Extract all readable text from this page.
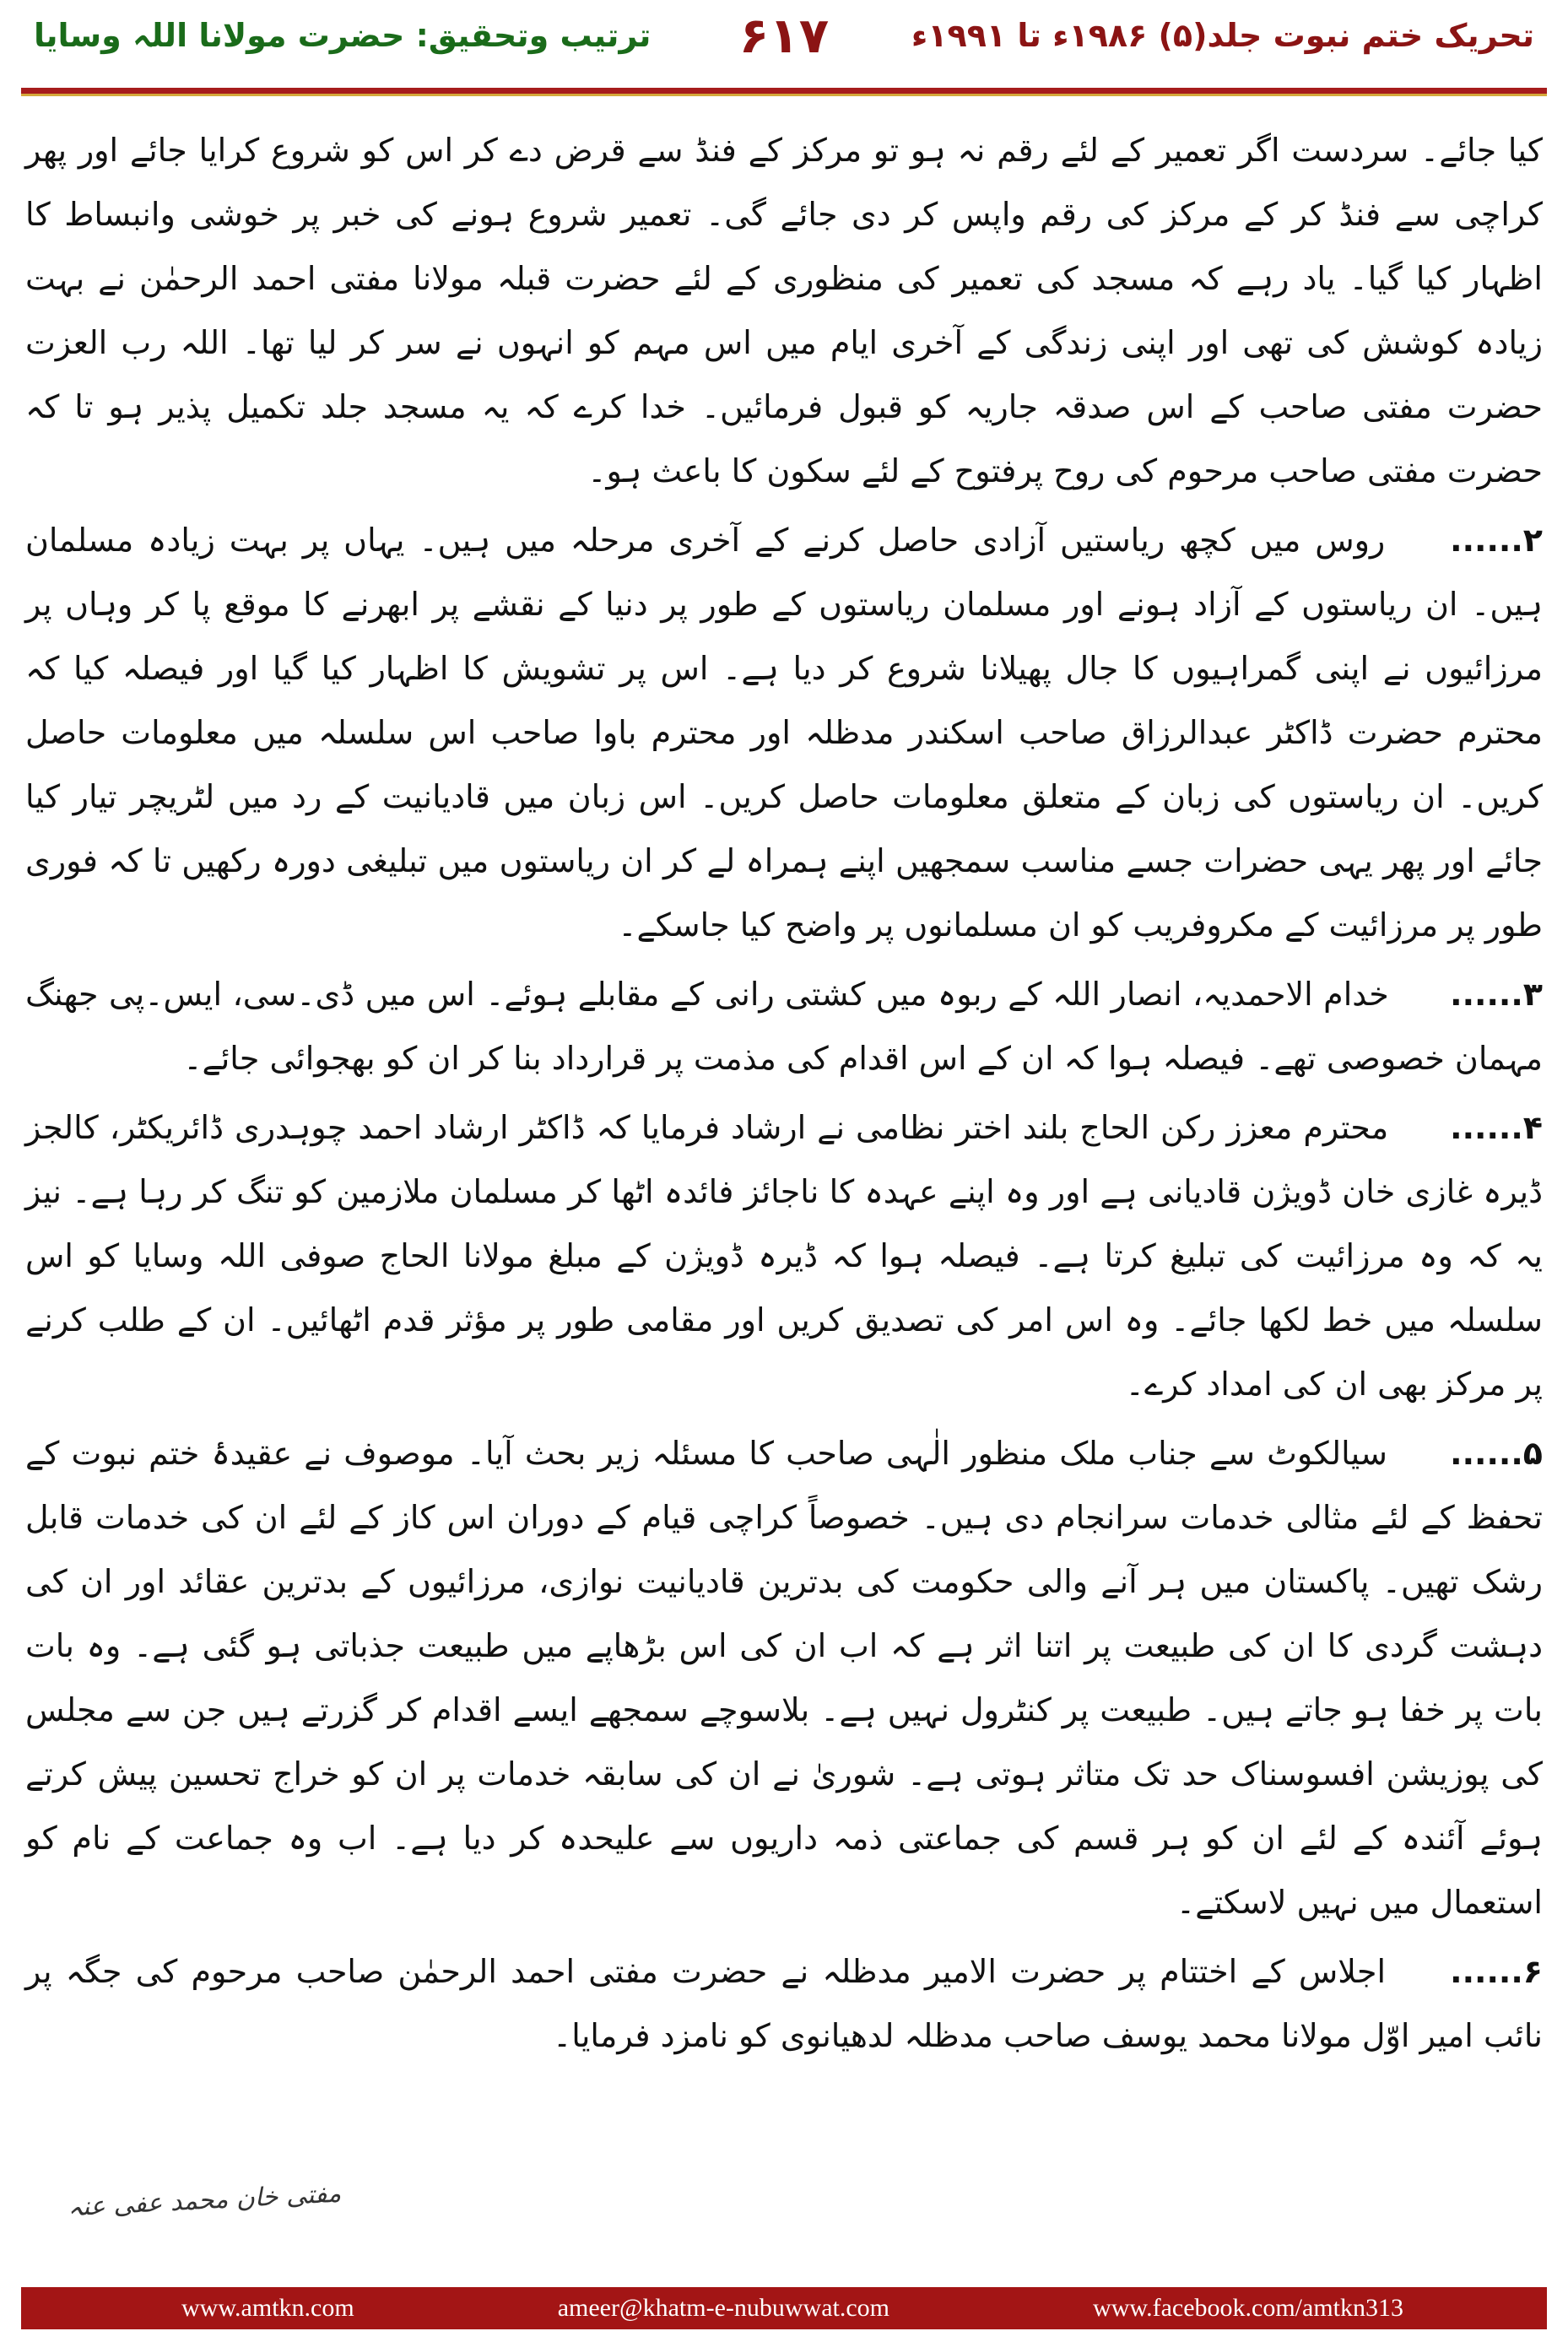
تحریک ختم نبوت جلد(۵) ۱۹۸۶ء تا ۱۹۹۱ء
۶۱۷
ترتیب وتحقیق: حضرت مولانا اللہ وسایا

کیا جائے۔ سردست اگر تعمیر کے لئے رقم نہ ہو تو مرکز کے فنڈ سے قرض دے کر اس کو شروع کرایا جائے اور پھر کراچی سے فنڈ کر کے مرکز کی رقم واپس کر دی جائے گی۔ تعمیر شروع ہونے کی خبر پر خوشی وانبساط کا اظہار کیا گیا۔ یاد رہے کہ مسجد کی تعمیر کی منظوری کے لئے حضرت قبلہ مولانا مفتی احمد الرحمٰن نے بہت زیادہ کوشش کی تھی اور اپنی زندگی کے آخری ایام میں اس مہم کو انہوں نے سر کر لیا تھا۔ اللہ رب العزت حضرت مفتی صاحب کے اس صدقہ جاریہ کو قبول فرمائیں۔ خدا کرے کہ یہ مسجد جلد تکمیل پذیر ہو تا کہ حضرت مفتی صاحب مرحوم کی روح پرفتوح کے لئے سکون کا باعث ہو۔

۲...... روس میں کچھ ریاستیں آزادی حاصل کرنے کے آخری مرحلہ میں ہیں۔ یہاں پر بہت زیادہ مسلمان ہیں۔ ان ریاستوں کے آزاد ہونے اور مسلمان ریاستوں کے طور پر دنیا کے نقشے پر ابھرنے کا موقع پا کر وہاں پر مرزائیوں نے اپنی گمراہیوں کا جال پھیلانا شروع کر دیا ہے۔ اس پر تشویش کا اظہار کیا گیا اور فیصلہ کیا کہ محترم حضرت ڈاکٹر عبدالرزاق صاحب اسکندر مدظلہ اور محترم باوا صاحب اس سلسلہ میں معلومات حاصل کریں۔ ان ریاستوں کی زبان کے متعلق معلومات حاصل کریں۔ اس زبان میں قادیانیت کے رد میں لٹریچر تیار کیا جائے اور پھر یہی حضرات جسے مناسب سمجھیں اپنے ہمراہ لے کر ان ریاستوں میں تبلیغی دورہ رکھیں تا کہ فوری طور پر مرزائیت کے مکروفریب کو ان مسلمانوں پر واضح کیا جاسکے۔

۳...... خدام الاحمدیہ، انصار اللہ کے ربوہ میں کشتی رانی کے مقابلے ہوئے۔ اس میں ڈی۔سی، ایس۔پی جھنگ مہمان خصوصی تھے۔ فیصلہ ہوا کہ ان کے اس اقدام کی مذمت پر قرارداد بنا کر ان کو بھجوائی جائے۔

۴...... محترم معزز رکن الحاج بلند اختر نظامی نے ارشاد فرمایا کہ ڈاکٹر ارشاد احمد چوہدری ڈائریکٹر، کالجز ڈیرہ غازی خان ڈویژن قادیانی ہے اور وہ اپنے عہدہ کا ناجائز فائدہ اٹھا کر مسلمان ملازمین کو تنگ کر رہا ہے۔ نیز یہ کہ وہ مرزائیت کی تبلیغ کرتا ہے۔ فیصلہ ہوا کہ ڈیرہ ڈویژن کے مبلغ مولانا الحاج صوفی اللہ وسایا کو اس سلسلہ میں خط لکھا جائے۔ وہ اس امر کی تصدیق کریں اور مقامی طور پر مؤثر قدم اٹھائیں۔ ان کے طلب کرنے پر مرکز بھی ان کی امداد کرے۔

۵...... سیالکوٹ سے جناب ملک منظور الٰہی صاحب کا مسئلہ زیر بحث آیا۔ موصوف نے عقیدۂ ختم نبوت کے تحفظ کے لئے مثالی خدمات سرانجام دی ہیں۔ خصوصاً کراچی قیام کے دوران اس کاز کے لئے ان کی خدمات قابل رشک تھیں۔ پاکستان میں ہر آنے والی حکومت کی بدترین قادیانیت نوازی، مرزائیوں کے بدترین عقائد اور ان کی دہشت گردی کا ان کی طبیعت پر اتنا اثر ہے کہ اب ان کی اس بڑھاپے میں طبیعت جذباتی ہو گئی ہے۔ وہ بات بات پر خفا ہو جاتے ہیں۔ طبیعت پر کنٹرول نہیں ہے۔ بلاسوچے سمجھے ایسے اقدام کر گزرتے ہیں جن سے مجلس کی پوزیشن افسوسناک حد تک متاثر ہوتی ہے۔ شوریٰ نے ان کی سابقہ خدمات پر ان کو خراج تحسین پیش کرتے ہوئے آئندہ کے لئے ان کو ہر قسم کی جماعتی ذمہ داریوں سے علیحدہ کر دیا ہے۔ اب وہ جماعت کے نام کو استعمال میں نہیں لاسکتے۔

۶...... اجلاس کے اختتام پر حضرت الامیر مدظلہ نے حضرت مفتی احمد الرحمٰن صاحب مرحوم کی جگہ پر نائب امیر اوّل مولانا محمد یوسف صاحب مدظلہ لدھیانوی کو نامزد فرمایا۔

مفتی خان محمد عفی عنہ
www.amtkn.com	ameer@khatm-e-nubuwwat.com	www.facebook.com/amtkn313
